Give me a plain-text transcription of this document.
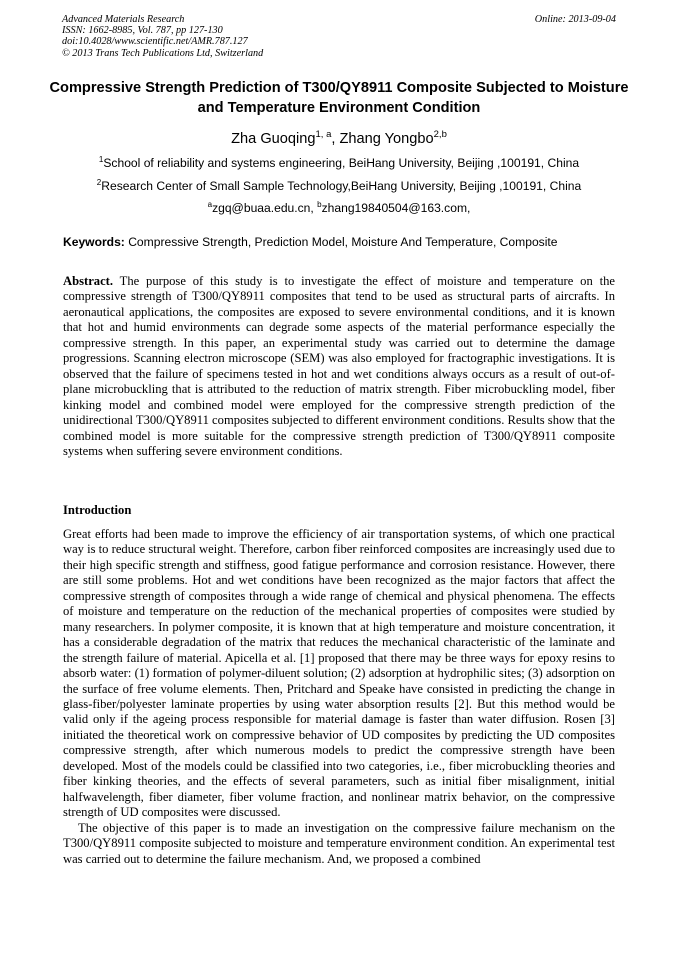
Advanced Materials Research
ISSN: 1662-8985, Vol. 787, pp 127-130
doi:10.4028/www.scientific.net/AMR.787.127
© 2013 Trans Tech Publications Ltd, Switzerland
Online: 2013-09-04
Compressive Strength Prediction of T300/QY8911 Composite Subjected to Moisture and Temperature Environment Condition
Zha Guoqing$^{1, a}$, Zhang Yongbo$^{2,b}$
$^1$School of reliability and systems engineering, BeiHang University, Beijing ,100191, China
$^2$Research Center of Small Sample Technology,BeiHang University, Beijing ,100191, China
$^a$zgq@buaa.edu.cn, $^b$zhang19840504@163.com,
Keywords: Compressive Strength, Prediction Model, Moisture And Temperature, Composite
Abstract. The purpose of this study is to investigate the effect of moisture and temperature on the compressive strength of T300/QY8911 composites that tend to be used as structural parts of aircrafts. In aeronautical applications, the composites are exposed to severe environmental conditions, and it is known that hot and humid environments can degrade some aspects of the material performance especially the compressive strength. In this paper, an experimental study was carried out to determine the damage progressions. Scanning electron microscope (SEM) was also employed for fractographic investigations. It is observed that the failure of specimens tested in hot and wet conditions always occurs as a result of out-of-plane microbuckling that is attributed to the reduction of matrix strength. Fiber microbuckling model, fiber kinking model and combined model were employed for the compressive strength prediction of the unidirectional T300/QY8911 composites subjected to different environment conditions. Results show that the combined model is more suitable for the compressive strength prediction of T300/QY8911 composite systems when suffering severe environment conditions.
Introduction

Great efforts had been made to improve the efficiency of air transportation systems, of which one practical way is to reduce structural weight. Therefore, carbon fiber reinforced composites are increasingly used due to their high specific strength and stiffness, good fatigue performance and corrosion resistance. However, there are still some problems. Hot and wet conditions have been recognized as the major factors that affect the compressive strength of composites through a wide range of chemical and physical phenomena. The effects of moisture and temperature on the reduction of the mechanical properties of composites were studied by many researchers. In polymer composite, it is known that at high temperature and moisture concentration, it has a considerable degradation of the matrix that reduces the mechanical characteristic of the laminate and the strength failure of material. Apicella et al. [1] proposed that there may be three ways for epoxy resins to absorb water: (1) formation of polymer-diluent solution; (2) adsorption at hydrophilic sites; (3) adsorption on the surface of free volume elements. Then, Pritchard and Speake have consisted in predicting the change in glass-fiber/polyester laminate properties by using water absorption results [2]. But this method would be valid only if the ageing process responsible for material damage is faster than water diffusion. Rosen [3] initiated the theoretical work on compressive behavior of UD composites by predicting the UD composites compressive strength, after which numerous models to predict the compressive strength have been developed. Most of the models could be classified into two categories, i.e., fiber microbuckling theories and fiber kinking theories, and the effects of several parameters, such as initial fiber misalignment, initial halfwavelength, fiber diameter, fiber volume fraction, and nonlinear matrix behavior, on the compressive strength of UD composites were discussed.

The objective of this paper is to made an investigation on the compressive failure mechanism on the T300/QY8911 composite subjected to moisture and temperature environment condition. An experimental test was carried out to determine the failure mechanism. And, we proposed a combined
